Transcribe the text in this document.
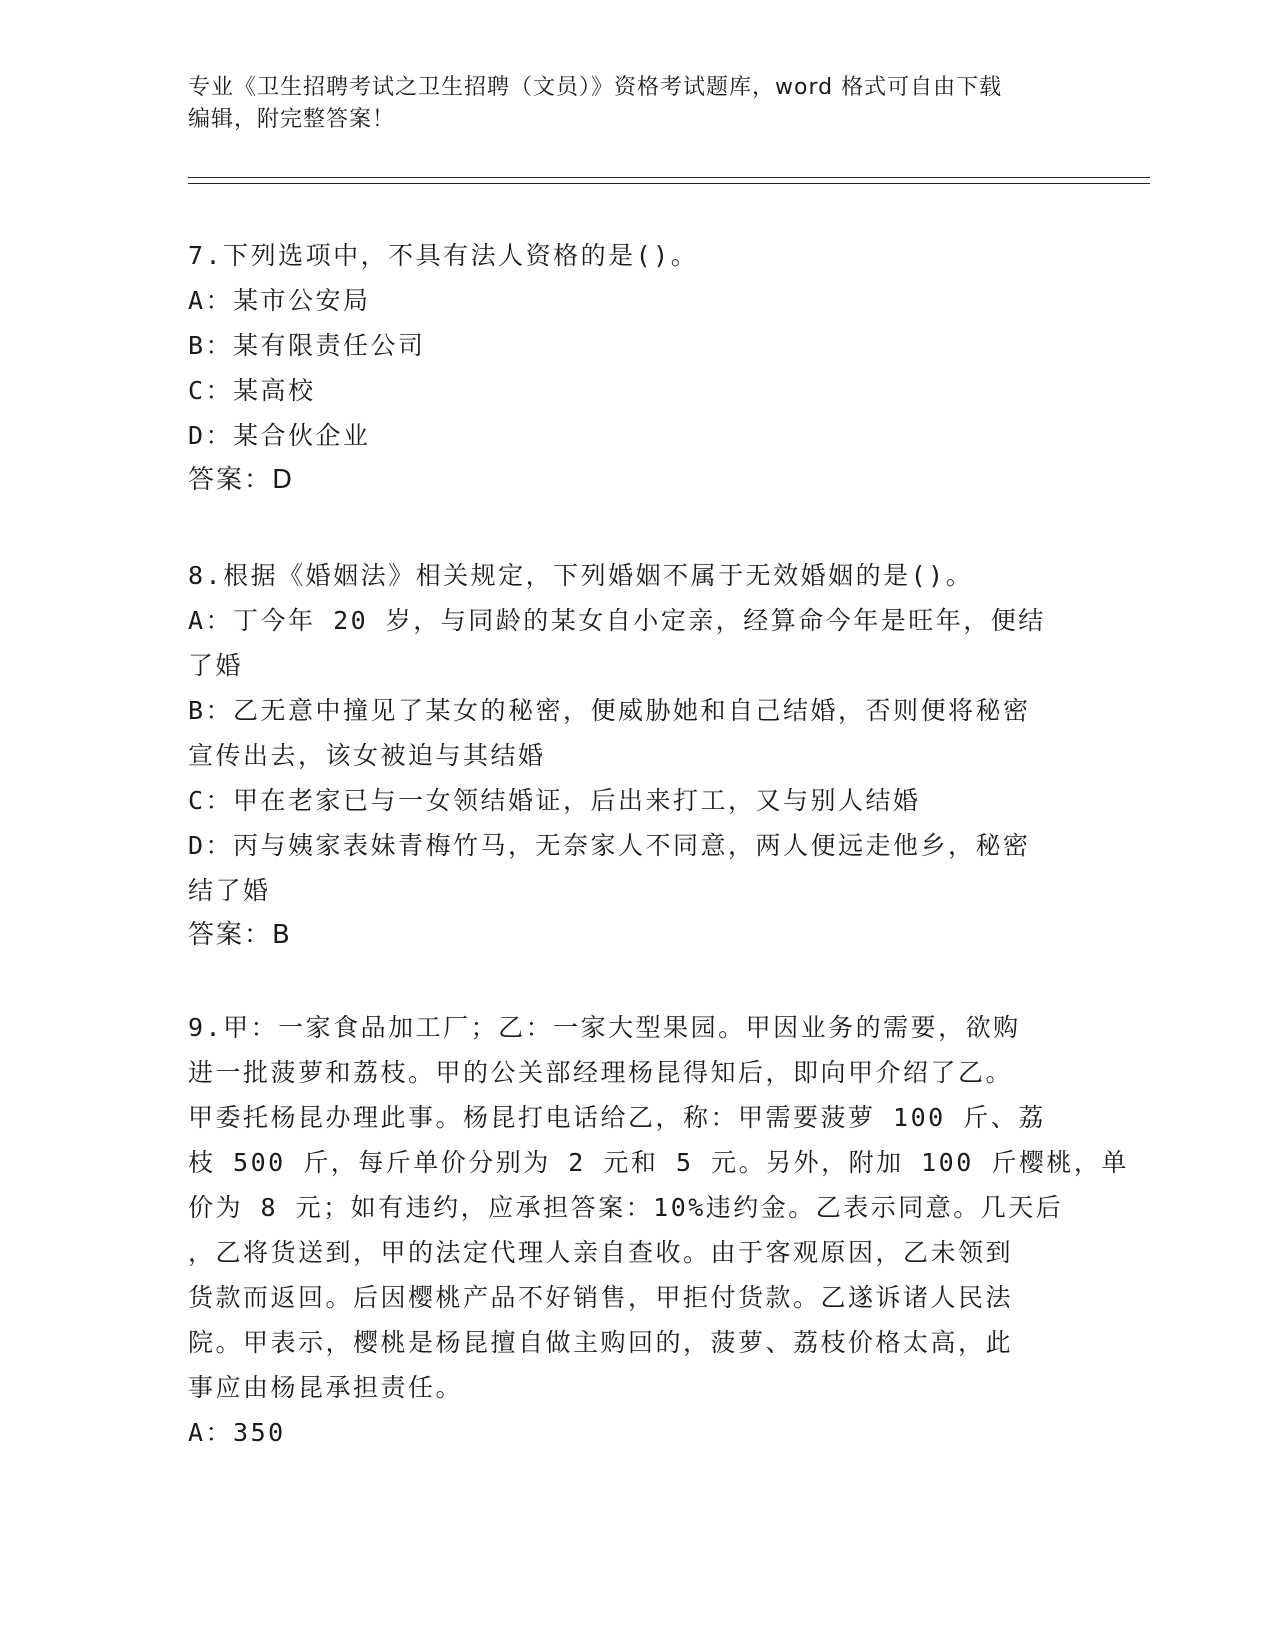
专业《卫生招聘考试之卫生招聘（文员）》资格考试题库，word 格式可自由下载
编辑，附完整答案！
7.下列选项中，不具有法人资格的是()。
A：某市公安局
B：某有限责任公司
C：某高校
D：某合伙企业
答案：D
8.根据《婚姻法》相关规定，下列婚姻不属于无效婚姻的是()。
A：丁今年 20 岁，与同龄的某女自小定亲，经算命今年是旺年，便结
了婚
B：乙无意中撞见了某女的秘密，便威胁她和自己结婚，否则便将秘密
宣传出去，该女被迫与其结婚
C：甲在老家已与一女领结婚证，后出来打工，又与别人结婚
D：丙与姨家表妹青梅竹马，无奈家人不同意，两人便远走他乡，秘密
结了婚
答案：B
9.甲：一家食品加工厂；乙：一家大型果园。甲因业务的需要，欲购
进一批菠萝和荔枝。甲的公关部经理杨昆得知后，即向甲介绍了乙。
甲委托杨昆办理此事。杨昆打电话给乙，称：甲需要菠萝 100 斤、荔
枝 500 斤，每斤单价分别为 2 元和 5 元。另外，附加 100 斤樱桃，单
价为 8 元；如有违约，应承担答案：10%违约金。乙表示同意。几天后
，乙将货送到，甲的法定代理人亲自查收。由于客观原因，乙未领到
货款而返回。后因樱桃产品不好销售，甲拒付货款。乙遂诉诸人民法
院。甲表示，樱桃是杨昆擅自做主购回的，菠萝、荔枝价格太高，此
事应由杨昆承担责任。
A：350
